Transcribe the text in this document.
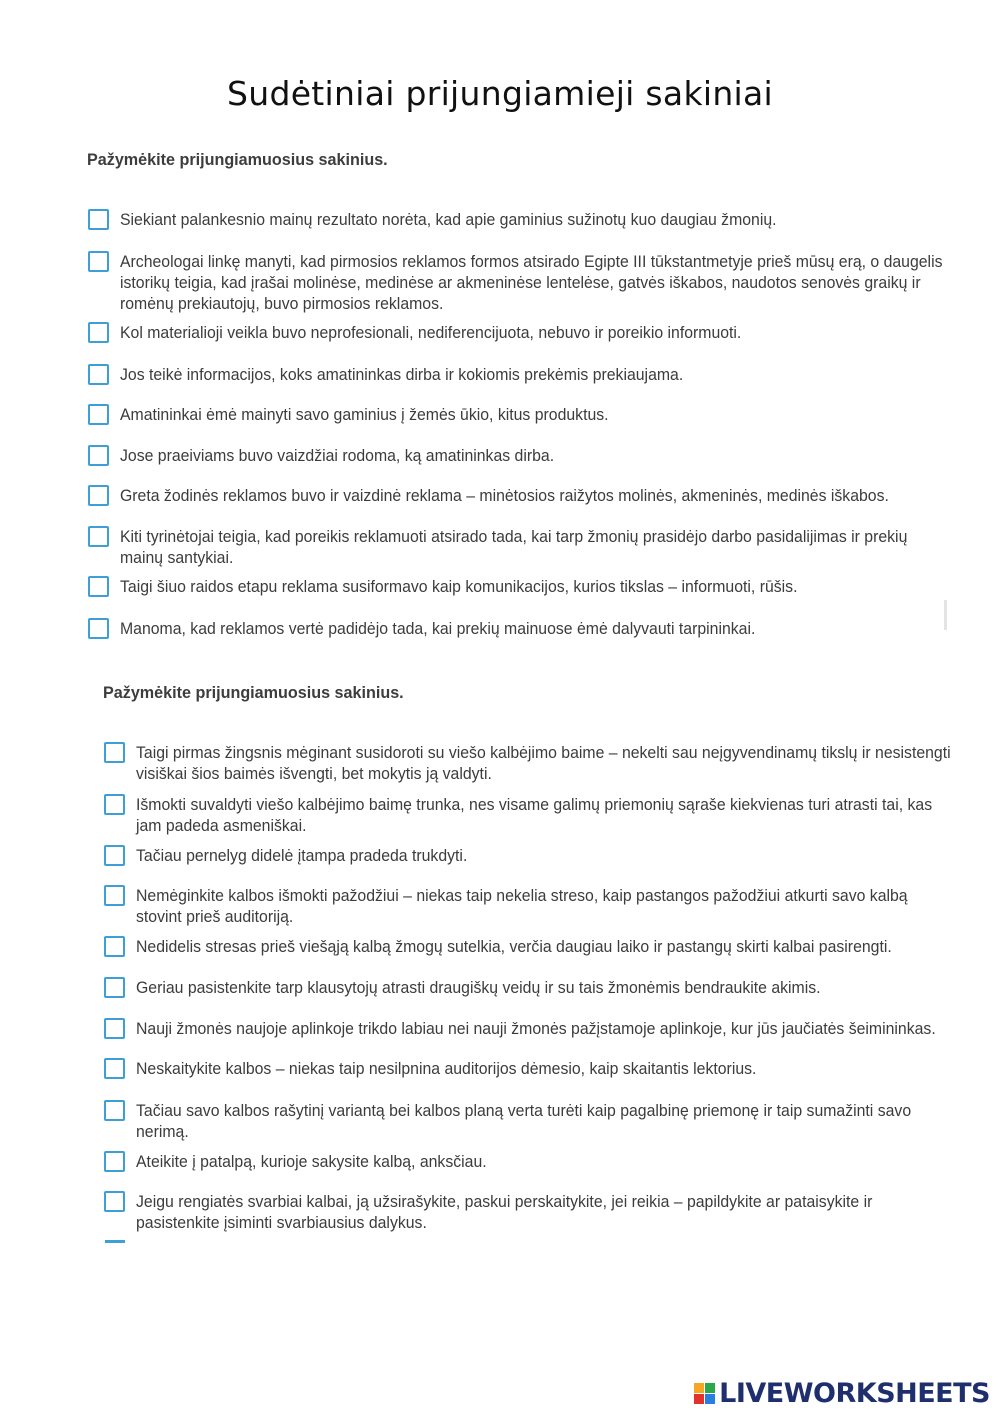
Sudėtiniai prijungiamieji sakiniai
Pažymėkite prijungiamuosius sakinius.
Siekiant palankesnio mainų rezultato norėta, kad apie gaminius sužinotų kuo daugiau žmonių.
Archeologai linkę manyti, kad pirmosios reklamos formos atsirado Egipte III tūkstantmetyje prieš mūsų erą, o daugelis istorikų teigia, kad įrašai molinėse, medinėse ar akmeninėse lentelėse, gatvės iškabos, naudotos senovės graikų ir romėnų prekiautojų, buvo pirmosios reklamos.
Kol materialioji veikla buvo neprofesionali, nediferencijuota, nebuvo ir poreikio informuoti.
Jos teikė informacijos, koks amatininkas dirba ir kokiomis prekėmis prekiaujama.
Amatininkai ėmė mainyti savo gaminius į žemės ūkio, kitus produktus.
Jose praeiviams buvo vaizdžiai rodoma, ką amatininkas dirba.
Greta žodinės reklamos buvo ir vaizdinė reklama – minėtosios raižytos molinės, akmeninės, medinės iškabos.
Kiti tyrinėtojai teigia, kad poreikis reklamuoti atsirado tada, kai tarp žmonių prasidėjo darbo pasidalijimas ir prekių mainų santykiai.
Taigi šiuo raidos etapu reklama susiformavo kaip komunikacijos, kurios tikslas – informuoti, rūšis.
Manoma, kad reklamos vertė padidėjo tada, kai prekių mainuose ėmė dalyvauti tarpininkai.
Pažymėkite prijungiamuosius sakinius.
Taigi pirmas žingsnis mėginant susidoroti su viešo kalbėjimo baime – nekelti sau neįgyvendinamų tikslų ir nesistengti visiškai šios baimės išvengti, bet mokytis ją valdyti.
Išmokti suvaldyti viešo kalbėjimo baimę trunka, nes visame galimų priemonių sąraše kiekvienas turi atrasti tai, kas jam padeda asmeniškai.
Tačiau pernelyg didelė įtampa pradeda trukdyti.
Nemėginkite kalbos išmokti pažodžiui – niekas taip nekelia streso, kaip pastangos pažodžiui atkurti savo kalbą stovint prieš auditoriją.
Nedidelis stresas prieš viešąją kalbą žmogų sutelkia, verčia daugiau laiko ir pastangų skirti kalbai pasirengti.
Geriau pasistenkite tarp klausytojų atrasti draugiškų veidų ir su tais žmonėmis bendraukite akimis.
Nauji žmonės naujoje aplinkoje trikdo labiau nei nauji žmonės pažįstamoje aplinkoje, kur jūs jaučiatės šeimininkas.
Neskaitykite kalbos – niekas taip nesilpnina auditorijos dėmesio, kaip skaitantis lektorius.
Tačiau savo kalbos rašytinį variantą bei kalbos planą verta turėti kaip pagalbinę priemonę ir taip sumažinti savo nerimą.
Ateikite į patalpą, kurioje sakysite kalbą, anksčiau.
Jeigu rengiatės svarbiai kalbai, ją užsirašykite, paskui perskaitykite, jei reikia – papildykite ar pataisykite ir pasistenkite įsiminti svarbiausius dalykus.
LIVEWORKSHEETS
